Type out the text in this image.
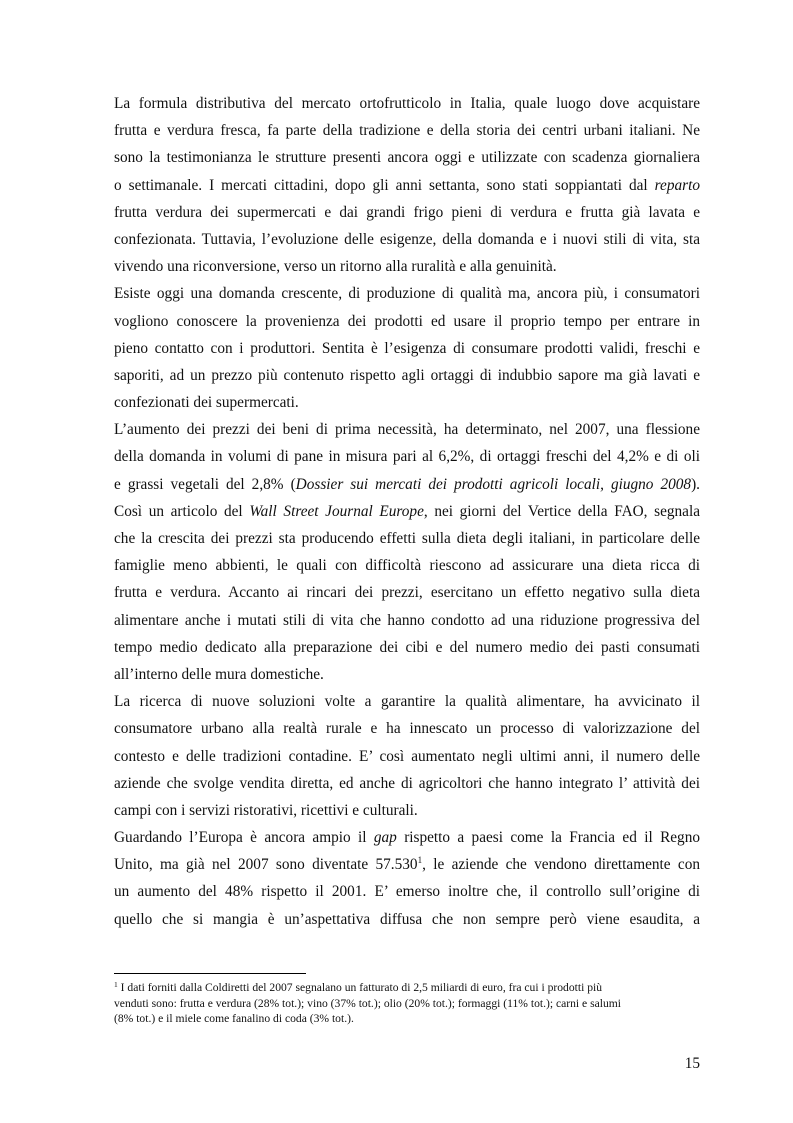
La formula distributiva del mercato ortofrutticolo in Italia, quale luogo dove acquistare
frutta e verdura fresca, fa parte della tradizione e della storia dei centri urbani italiani. Ne
sono la testimonianza le strutture presenti ancora oggi e utilizzate con scadenza giornaliera
o settimanale. I mercati cittadini, dopo gli anni settanta, sono stati soppiantati dal reparto
frutta verdura dei supermercati e dai grandi frigo pieni di verdura e frutta già lavata e
confezionata. Tuttavia, l’evoluzione delle esigenze, della domanda e i nuovi stili di vita, sta
vivendo una riconversione, verso un ritorno alla ruralità e alla genuinità.
Esiste oggi una domanda crescente, di produzione di qualità ma, ancora più, i consumatori
vogliono conoscere la provenienza dei prodotti ed usare il proprio tempo per entrare in
pieno contatto con i produttori. Sentita è l’esigenza di consumare prodotti validi, freschi e
saporiti, ad un prezzo più contenuto rispetto agli ortaggi di indubbio sapore ma già lavati e
confezionati dei supermercati.
L’aumento dei prezzi dei beni di prima necessità, ha determinato, nel 2007, una flessione
della domanda in volumi di pane in misura pari al 6,2%, di ortaggi freschi del 4,2% e di oli
e grassi vegetali del 2,8% (Dossier sui mercati dei prodotti agricoli locali, giugno 2008).
Così un articolo del Wall Street Journal Europe, nei giorni del Vertice della FAO, segnala
che la crescita dei prezzi sta producendo effetti sulla dieta degli italiani, in particolare delle
famiglie meno abbienti, le quali con difficoltà riescono ad assicurare una dieta ricca di
frutta e verdura. Accanto ai rincari dei prezzi, esercitano un effetto negativo sulla dieta
alimentare anche i mutati stili di vita che hanno condotto ad una riduzione progressiva del
tempo medio dedicato alla preparazione dei cibi e del numero medio dei pasti consumati
all’interno delle mura domestiche.
La ricerca di nuove soluzioni volte a garantire la qualità alimentare, ha avvicinato il
consumatore urbano alla realtà rurale e ha innescato un processo di valorizzazione del
contesto e delle tradizioni contadine. E’ così aumentato negli ultimi anni, il numero delle
aziende che svolge vendita diretta, ed anche di agricoltori che hanno integrato l’ attività dei
campi con i servizi ristorativi, ricettivi e culturali.
Guardando l’Europa è ancora ampio il gap rispetto a paesi come la Francia ed il Regno
Unito, ma già nel 2007 sono diventate 57.530$^1$, le aziende che vendono direttamente con
un aumento del 48% rispetto il 2001. E’ emerso inoltre che, il controllo sull’origine di
quello che si mangia è un’aspettativa diffusa che non sempre però viene esaudita, a
$^1$ I dati forniti dalla Coldiretti del 2007 segnalano un fatturato di 2,5 miliardi di euro, fra cui i prodotti più
venduti sono: frutta e verdura (28% tot.); vino (37% tot.); olio (20% tot.); formaggi (11% tot.); carni e salumi
(8% tot.) e il miele come fanalino di coda (3% tot.).
15
